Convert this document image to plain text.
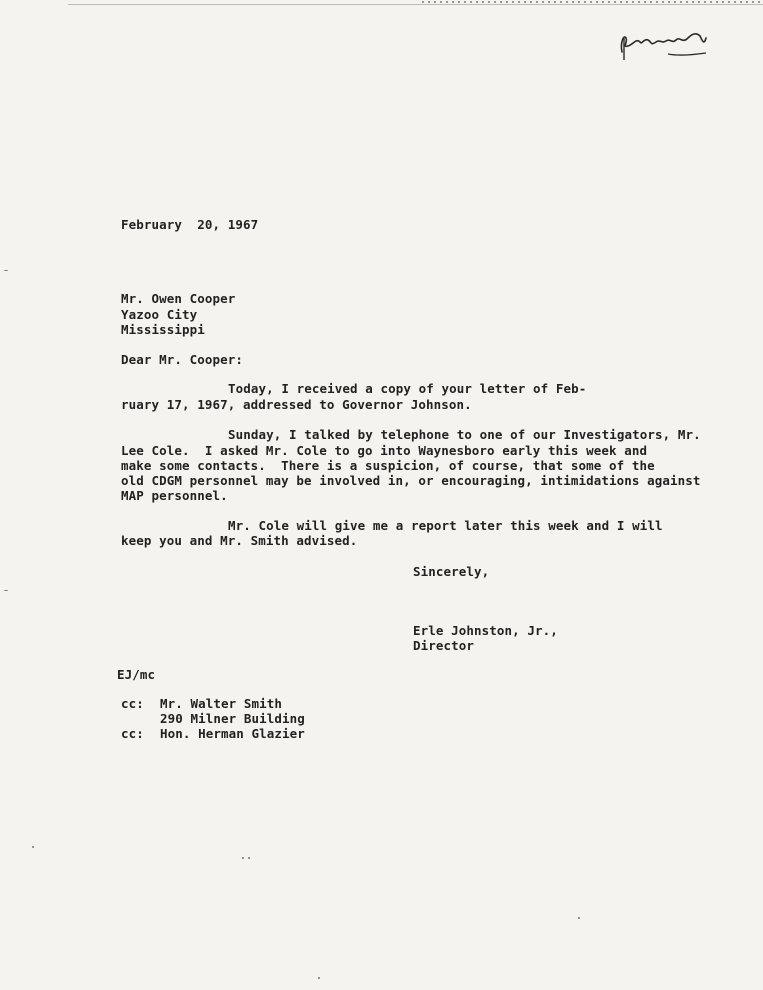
February  20, 1967
Mr. Owen Cooper
Yazoo City
Mississippi
Dear Mr. Cooper:
Today, I received a copy of your letter of Feb-
ruary 17, 1967, addressed to Governor Johnson.
Sunday, I talked by telephone to one of our Investigators, Mr.
Lee Cole.  I asked Mr. Cole to go into Waynesboro early this week and
make some contacts.  There is a suspicion, of course, that some of the
old CDGM personnel may be involved in, or encouraging, intimidations against
MAP personnel.
Mr. Cole will give me a report later this week and I will
keep you and Mr. Smith advised.
Sincerely,
Erle Johnston, Jr.,
Director
EJ/mc
cc: Mr. Walter Smith
290 Milner Building
cc: Hon. Herman Glazier
